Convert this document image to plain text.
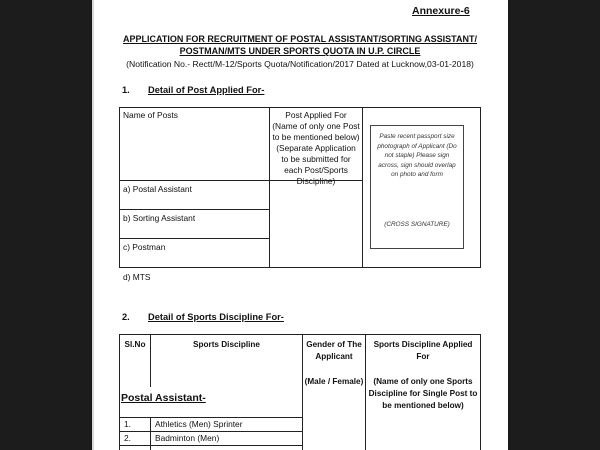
Annexure-6
APPLICATION FOR RECRUITMENT OF POSTAL ASSISTANT/SORTING ASSISTANT/
POSTMAN/MTS UNDER SPORTS QUOTA IN U.P. CIRCLE
(Notification No.- Rectt/M-12/Sports Quota/Notification/2017 Dated at Lucknow,03-01-2018)
1. Detail of Post Applied For-
Name of Posts	Post Applied For (Name of only one Post to be mentioned below) (Separate Application to be submitted for each Post/Sports Discipline)
a) Postal Assistant
b) Sorting Assistant
c) Postman
d) MTS
Paste recent passport size photograph of Applicant (Do not staple) Please sign across, sign should overlap on photo and form
(CROSS SIGNATURE)
2. Detail of Sports Discipline For-
Sl.No	Sports Discipline	Gender of The Applicant
(Male / Female)
Sports Discipline Applied For
(Name of only one Sports Discipline for Single Post to be mentioned below)
Postal Assistant-
1.	Athletics (Men) Sprinter
2.	Badminton (Men)
